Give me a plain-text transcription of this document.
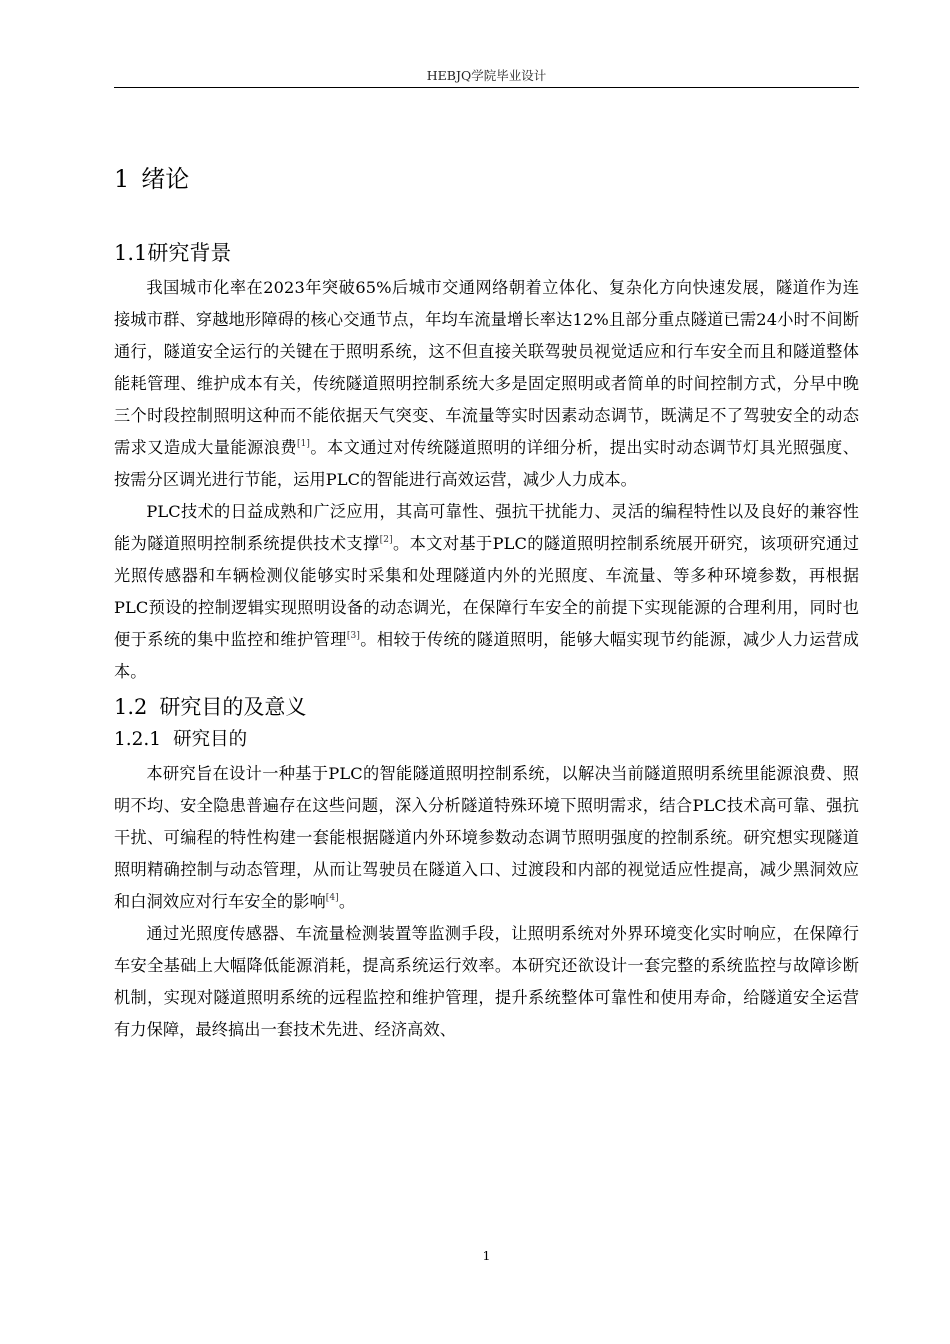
HEBJQ学院毕业设计
1 绪论
1.1研究背景

我国城市化率在2023年突破65%后城市交通网络朝着立体化、复杂化方向快速发展，隧道作为连接城市群、穿越地形障碍的核心交通节点，年均车流量增长率达12%且部分重点隧道已需24小时不间断通行，隧道安全运行的关键在于照明系统，这不但直接关联驾驶员视觉适应和行车安全而且和隧道整体能耗管理、维护成本有关，传统隧道照明控制系统大多是固定照明或者简单的时间控制方式，分早中晚三个时段控制照明这种而不能依据天气突变、车流量等实时因素动态调节，既满足不了驾驶安全的动态需求又造成大量能源浪费[1]。本文通过对传统隧道照明的详细分析，提出实时动态调节灯具光照强度、按需分区调光进行节能，运用PLC的智能进行高效运营，减少人力成本。

PLC技术的日益成熟和广泛应用，其高可靠性、强抗干扰能力、灵活的编程特性以及良好的兼容性能为隧道照明控制系统提供技术支撑[2]。本文对基于PLC的隧道照明控制系统展开研究，该项研究通过光照传感器和车辆检测仪能够实时采集和处理隧道内外的光照度、车流量、等多种环境参数，再根据PLC预设的控制逻辑实现照明设备的动态调光，在保障行车安全的前提下实现能源的合理利用，同时也便于系统的集中监控和维护管理[3]。相较于传统的隧道照明，能够大幅实现节约能源，减少人力运营成本。

1.2 研究目的及意义
1.2.1 研究目的

本研究旨在设计一种基于PLC的智能隧道照明控制系统，以解决当前隧道照明系统里能源浪费、照明不均、安全隐患普遍存在这些问题，深入分析隧道特殊环境下照明需求，结合PLC技术高可靠、强抗干扰、可编程的特性构建一套能根据隧道内外环境参数动态调节照明强度的控制系统。研究想实现隧道照明精确控制与动态管理，从而让驾驶员在隧道入口、过渡段和内部的视觉适应性提高，减少黑洞效应和白洞效应对行车安全的影响[4]。

通过光照度传感器、车流量检测装置等监测手段，让照明系统对外界环境变化实时响应，在保障行车安全基础上大幅降低能源消耗，提高系统运行效率。本研究还欲设计一套完整的系统监控与故障诊断机制，实现对隧道照明系统的远程监控和维护管理，提升系统整体可靠性和使用寿命，给隧道安全运营有力保障，最终搞出一套技术先进、经济高效、

1
